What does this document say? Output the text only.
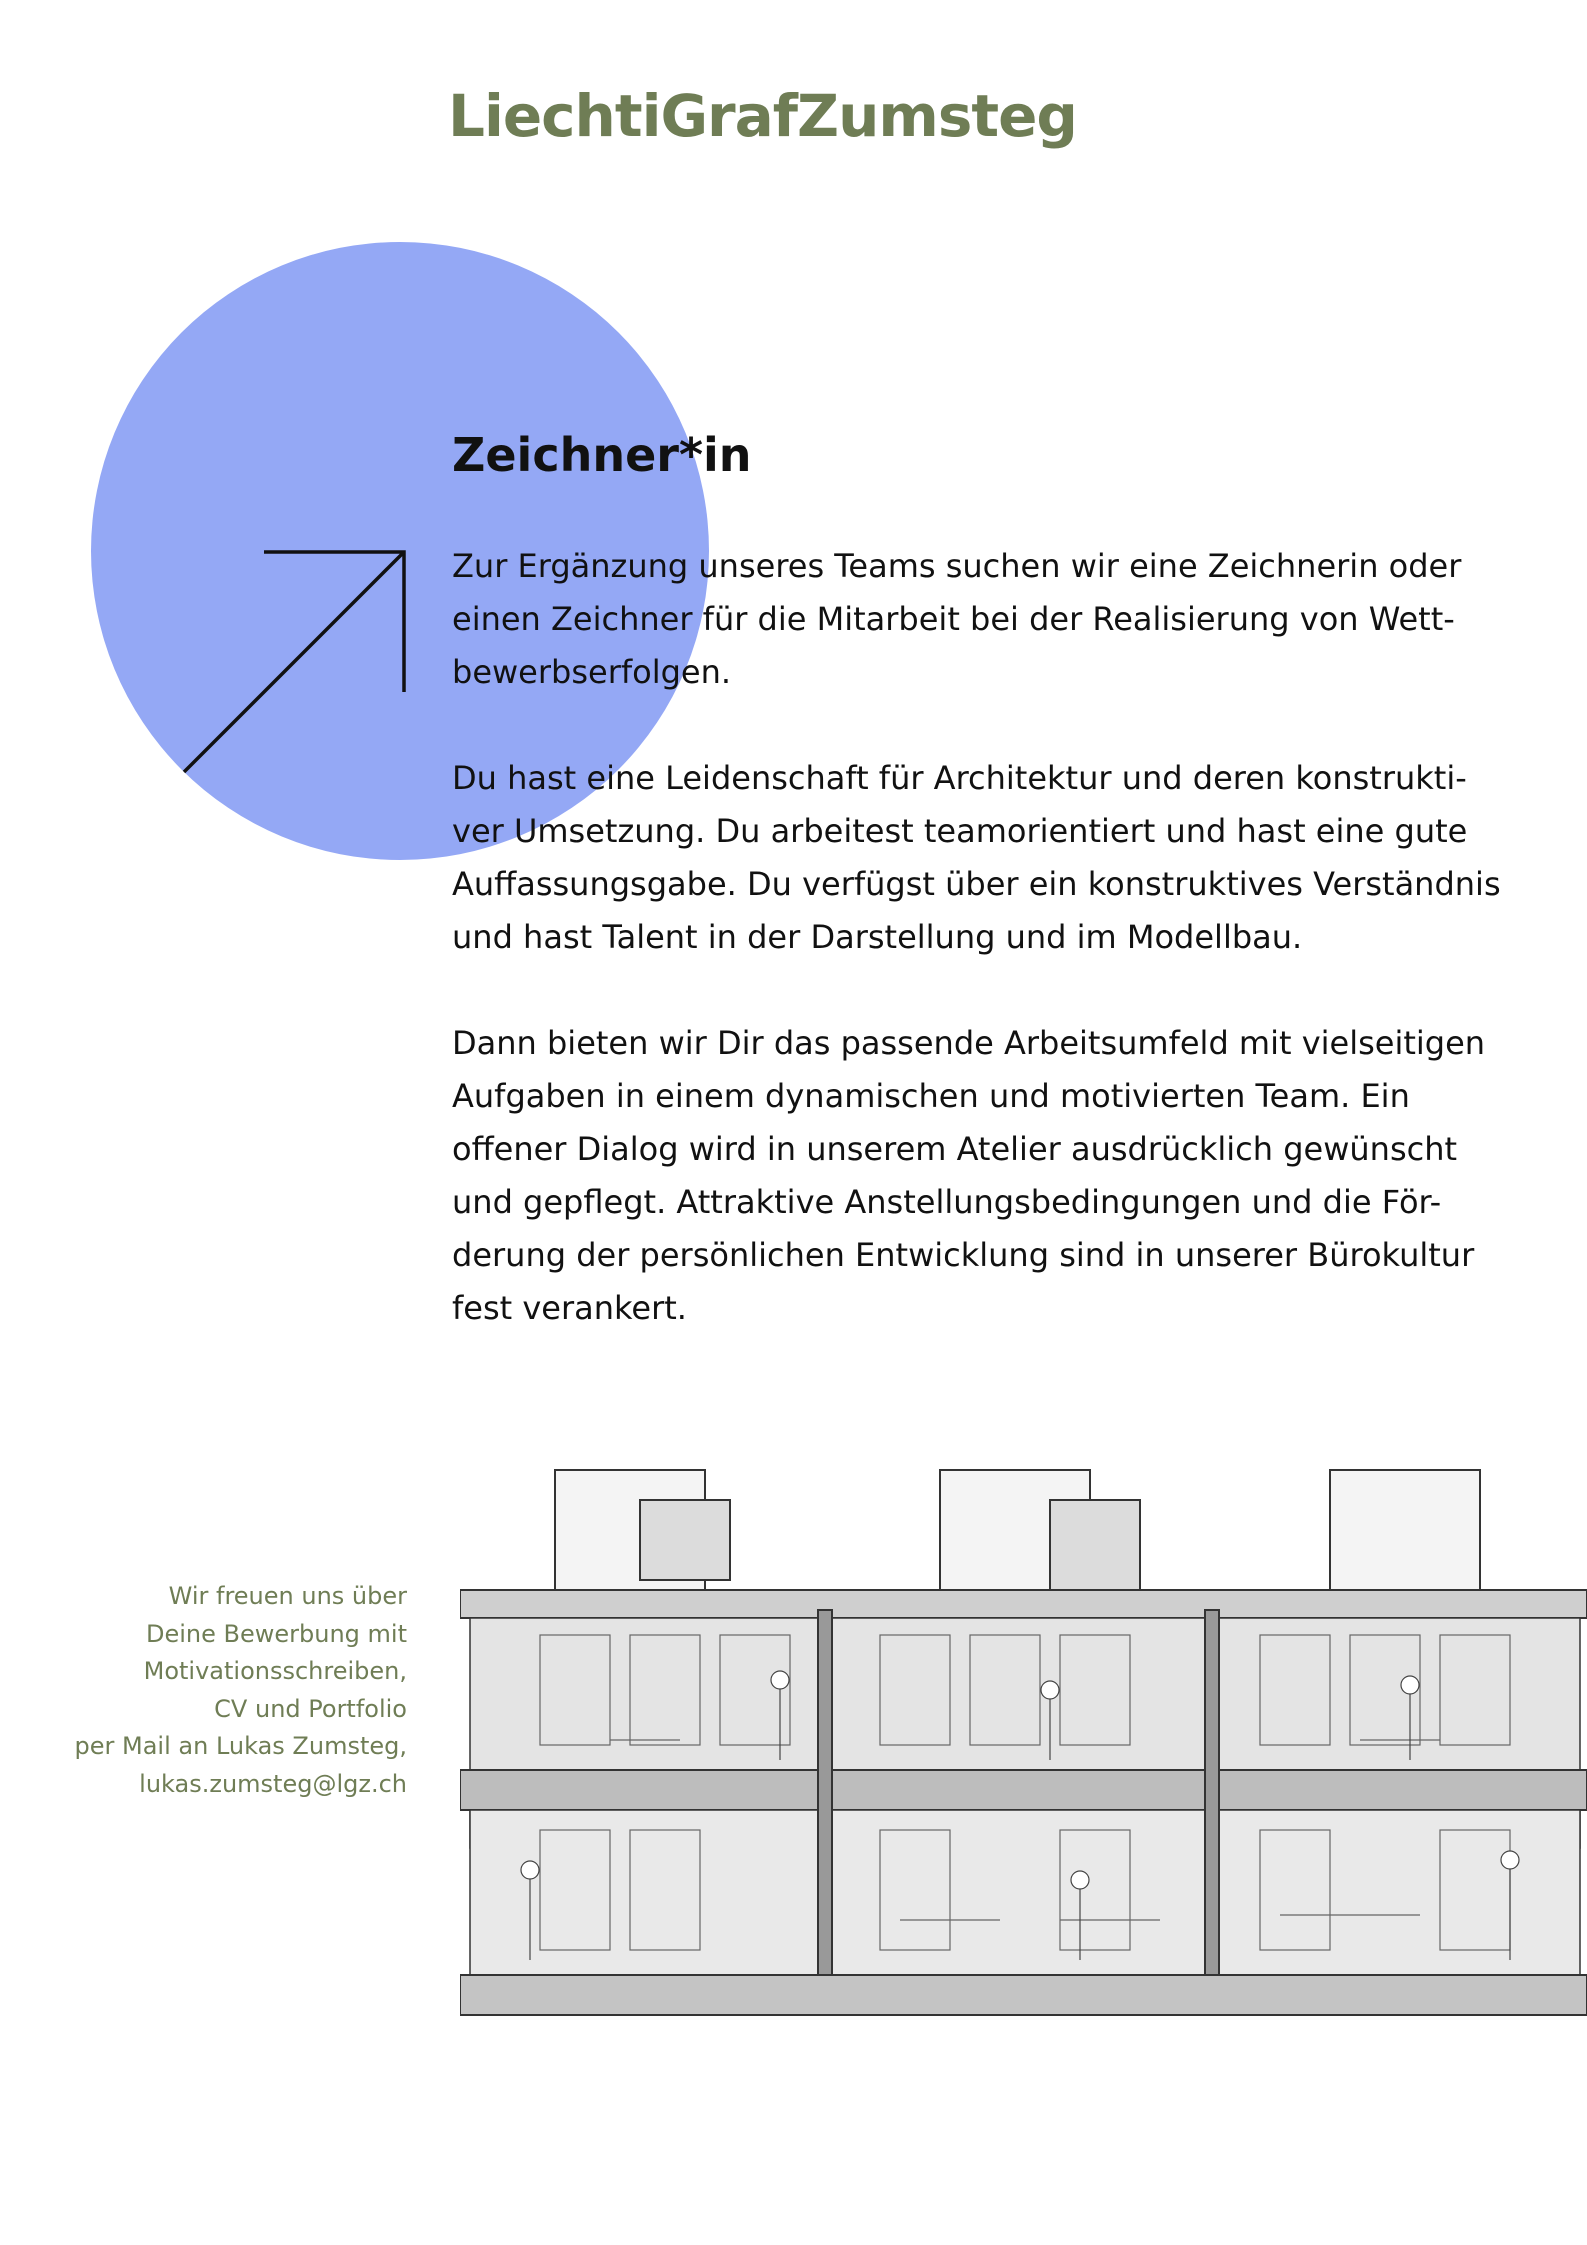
LiechtiGrafZumsteg
Zeichner*in

Zur Ergänzung unseres Teams suchen wir eine Zeichnerin oder
einen Zeichner für die Mitarbeit bei der Realisierung von Wett-
bewerbserfolgen.

Du hast eine Leidenschaft für Architektur und deren konstrukti-
ver Umsetzung. Du arbeitest teamorientiert und hast eine gute
Auffassungsgabe. Du verfügst über ein konstruktives Verständnis
und hast Talent in der Darstellung und im Modellbau.

Dann bieten wir Dir das passende Arbeitsumfeld mit vielseitigen
Aufgaben in einem dynamischen und motivierten Team. Ein
offener Dialog wird in unserem Atelier ausdrücklich gewünscht
und gepflegt. Attraktive Anstellungsbedingungen und die För-
derung der persönlichen Entwicklung sind in unserer Bürokultur
fest verankert.

Wir freuen uns über
Deine Bewerbung mit
Motivationsschreiben,
CV und Portfolio
per Mail an Lukas Zumsteg,
lukas.zumsteg@lgz.ch
